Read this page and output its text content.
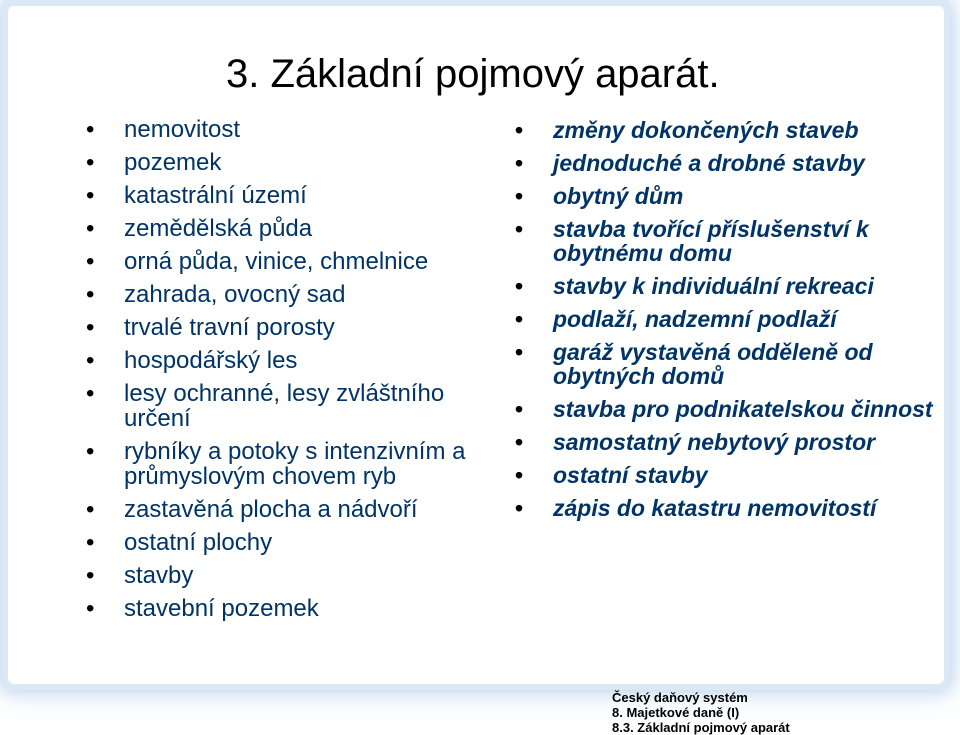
3. Základní pojmový aparát.
• nemovitost
• pozemek
• katastrální území
• zemědělská půda
• orná půda, vinice, chmelnice
• zahrada, ovocný sad
• trvalé travní porosty
• hospodářský les
• lesy ochranné, lesy zvláštního určení
• rybníky a potoky s intenzivním a průmyslovým chovem ryb
• zastavěná plocha a nádvoří
• ostatní plochy
• stavby
• stavební pozemek
• změny dokončených staveb
• jednoduché a drobné stavby
• obytný dům
• stavba tvořící příslušenství k obytnému domu
• stavby k individuální rekreaci
• podlaží, nadzemní podlaží
• garáž vystavěná odděleně od obytných domů
• stavba pro podnikatelskou činnost
• samostatný nebytový prostor
• ostatní stavby
• zápis do katastru nemovitostí
Český daňový systém
8. Majetkové daně (I)
8.3. Základní pojmový aparát
